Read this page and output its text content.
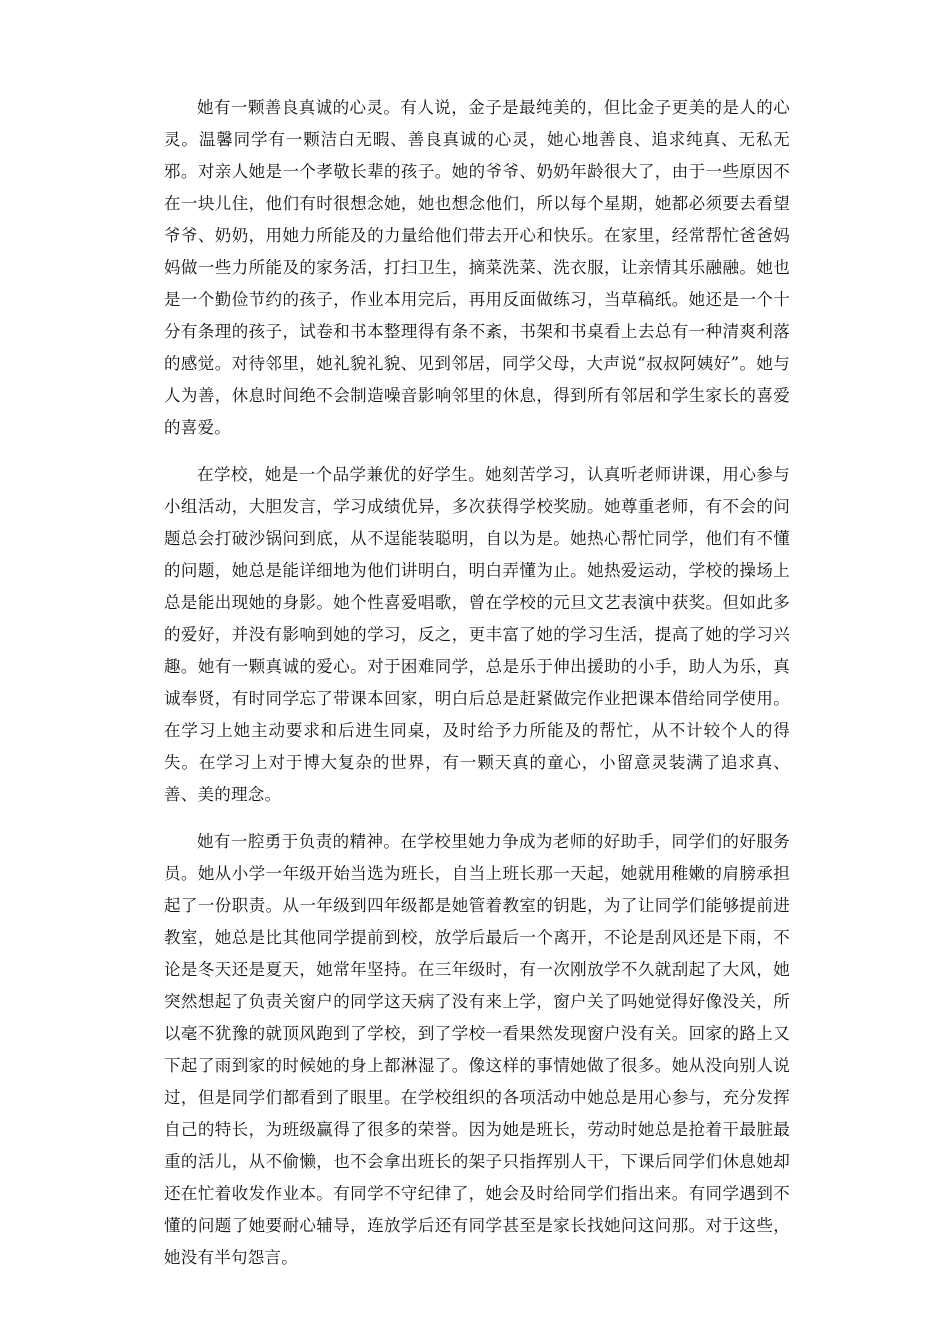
她有一颗善良真诚的心灵。有人说，金子是最纯美的，但比金子更美的是人的心灵。温馨同学有一颗洁白无暇、善良真诚的心灵，她心地善良、追求纯真、无私无邪。对亲人她是一个孝敬长辈的孩子。她的爷爷、奶奶年龄很大了，由于一些原因不在一块儿住，他们有时很想念她，她也想念他们，所以每个星期，她都必须要去看望爷爷、奶奶，用她力所能及的力量给他们带去开心和快乐。在家里，经常帮忙爸爸妈妈做一些力所能及的家务活，打扫卫生，摘菜洗菜、洗衣服，让亲情其乐融融。她也是一个勤俭节约的孩子，作业本用完后，再用反面做练习，当草稿纸。她还是一个十分有条理的孩子，试卷和书本整理得有条不紊，书架和书桌看上去总有一种清爽利落的感觉。对待邻里，她礼貌礼貌、见到邻居，同学父母，大声说“叔叔阿姨好”。她与人为善，休息时间绝不会制造噪音影响邻里的休息，得到所有邻居和学生家长的喜爱的喜爱。

在学校，她是一个品学兼优的好学生。她刻苦学习，认真听老师讲课，用心参与小组活动，大胆发言，学习成绩优异，多次获得学校奖励。她尊重老师，有不会的问题总会打破沙锅问到底，从不逞能装聪明，自以为是。她热心帮忙同学，他们有不懂的问题，她总是能详细地为他们讲明白，明白弄懂为止。她热爱运动，学校的操场上总是能出现她的身影。她个性喜爱唱歌，曾在学校的元旦文艺表演中获奖。但如此多的爱好，并没有影响到她的学习，反之，更丰富了她的学习生活，提高了她的学习兴趣。她有一颗真诚的爱心。对于困难同学，总是乐于伸出援助的小手，助人为乐，真诚奉贤，有时同学忘了带课本回家，明白后总是赶紧做完作业把课本借给同学使用。在学习上她主动要求和后进生同桌，及时给予力所能及的帮忙，从不计较个人的得失。在学习上对于博大复杂的世界，有一颗天真的童心，小留意灵装满了追求真、善、美的理念。

她有一腔勇于负责的精神。在学校里她力争成为老师的好助手，同学们的好服务员。她从小学一年级开始当选为班长，自当上班长那一天起，她就用稚嫩的肩膀承担起了一份职责。从一年级到四年级都是她管着教室的钥匙，为了让同学们能够提前进教室，她总是比其他同学提前到校，放学后最后一个离开，不论是刮风还是下雨，不论是冬天还是夏天，她常年坚持。在三年级时，有一次刚放学不久就刮起了大风，她突然想起了负责关窗户的同学这天病了没有来上学，窗户关了吗她觉得好像没关，所以毫不犹豫的就顶风跑到了学校，到了学校一看果然发现窗户没有关。回家的路上又下起了雨到家的时候她的身上都淋湿了。像这样的事情她做了很多。她从没向别人说过，但是同学们都看到了眼里。在学校组织的各项活动中她总是用心参与，充分发挥自己的特长，为班级赢得了很多的荣誉。因为她是班长，劳动时她总是抢着干最脏最重的活儿，从不偷懒，也不会拿出班长的架子只指挥别人干，下课后同学们休息她却还在忙着收发作业本。有同学不守纪律了，她会及时给同学们指出来。有同学遇到不懂的问题了她要耐心辅导，连放学后还有同学甚至是家长找她问这问那。对于这些，她没有半句怨言。
